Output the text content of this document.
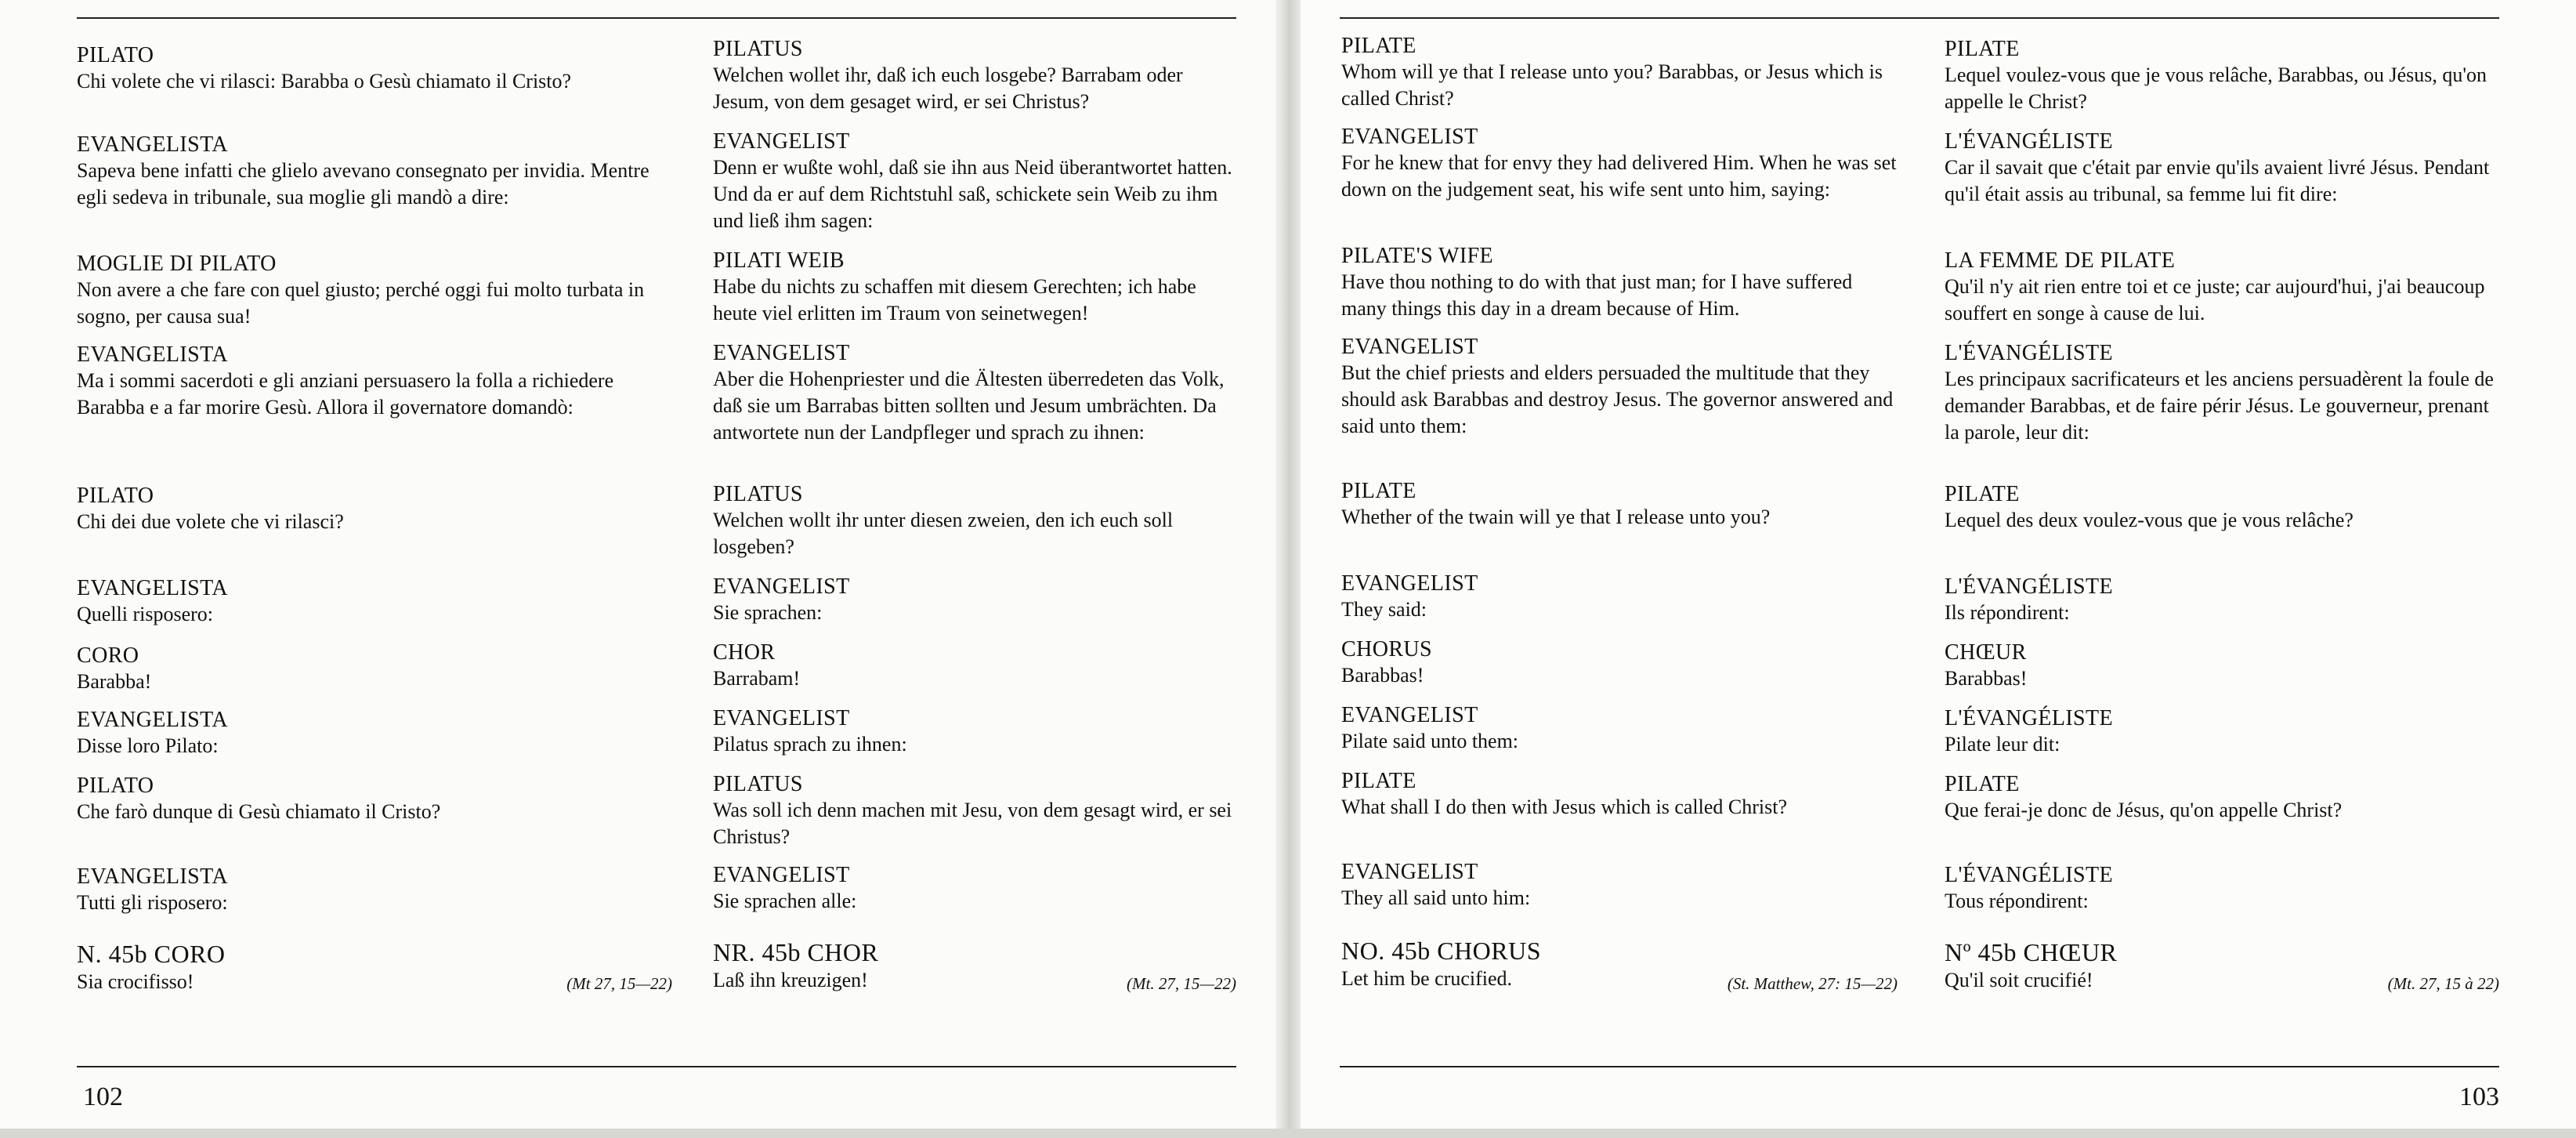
PILATO
Chi volete che vi rilasci: Barabba o Gesù chiamato il Cristo?
EVANGELISTA
Sapeva bene infatti che glielo avevano consegnato per invidia. Mentre egli sedeva in tribunale, sua moglie gli mandò a dire:
MOGLIE DI PILATO
Non avere a che fare con quel giusto; perché oggi fui molto turbata in sogno, per causa sua!
EVANGELISTA
Ma i sommi sacerdoti e gli anziani persuasero la folla a richiedere Barabba e a far morire Gesù. Allora il governatore domandò:
PILATO
Chi dei due volete che vi rilasci?
EVANGELISTA
Quelli risposero:
CORO
Barabba!
EVANGELISTA
Disse loro Pilato:
PILATO
Che farò dunque di Gesù chiamato il Cristo?
EVANGELISTA
Tutti gli risposero:
N. 45b CORO
Sia crocifisso!	(Mt 27, 15—22)
PILATUS
Welchen wollet ihr, daß ich euch losgebe? Barrabam oder Jesum, von dem gesaget wird, er sei Christus?
EVANGELIST
Denn er wußte wohl, daß sie ihn aus Neid überantwortet hatten. Und da er auf dem Richtstuhl saß, schickete sein Weib zu ihm und ließ ihm sagen:
PILATI WEIB
Habe du nichts zu schaffen mit diesem Gerechten; ich habe heute viel erlitten im Traum von seinetwegen!
EVANGELIST
Aber die Hohenpriester und die Ältesten überredeten das Volk, daß sie um Barrabas bitten sollten und Jesum umbrächten. Da antwortete nun der Landpfleger und sprach zu ihnen:
PILATUS
Welchen wollt ihr unter diesen zweien, den ich euch soll losgeben?
EVANGELIST
Sie sprachen:
CHOR
Barrabam!
EVANGELIST
Pilatus sprach zu ihnen:
PILATUS
Was soll ich denn machen mit Jesu, von dem gesagt wird, er sei Christus?
EVANGELIST
Sie sprachen alle:
NR. 45b CHOR
Laß ihn kreuzigen!	(Mt. 27, 15—22)
102
PILATE
Whom will ye that I release unto you? Barabbas, or Jesus which is called Christ?
EVANGELIST
For he knew that for envy they had delivered Him. When he was set down on the judgement seat, his wife sent unto him, saying:
PILATE'S WIFE
Have thou nothing to do with that just man; for I have suffered many things this day in a dream because of Him.
EVANGELIST
But the chief priests and elders persuaded the multitude that they should ask Barabbas and destroy Jesus. The governor answered and said unto them:
PILATE
Whether of the twain will ye that I release unto you?
EVANGELIST
They said:
CHORUS
Barabbas!
EVANGELIST
Pilate said unto them:
PILATE
What shall I do then with Jesus which is called Christ?
EVANGELIST
They all said unto him:
NO. 45b CHORUS
Let him be crucified.	(St. Matthew, 27: 15—22)
PILATE
Lequel voulez-vous que je vous relâche, Barabbas, ou Jésus, qu'on appelle le Christ?
L'ÉVANGÉLISTE
Car il savait que c'était par envie qu'ils avaient livré Jésus. Pendant qu'il était assis au tribunal, sa femme lui fit dire:
LA FEMME DE PILATE
Qu'il n'y ait rien entre toi et ce juste; car aujourd'hui, j'ai beaucoup souffert en songe à cause de lui.
L'ÉVANGÉLISTE
Les principaux sacrificateurs et les anciens persuadèrent la foule de demander Barabbas, et de faire périr Jésus. Le gouverneur, prenant la parole, leur dit:
PILATE
Lequel des deux voulez-vous que je vous relâche?
L'ÉVANGÉLISTE
Ils répondirent:
CHŒUR
Barabbas!
L'ÉVANGÉLISTE
Pilate leur dit:
PILATE
Que ferai-je donc de Jésus, qu'on appelle Christ?
L'ÉVANGÉLISTE
Tous répondirent:
Nº 45b CHŒUR
Qu'il soit crucifié!	(Mt. 27, 15 à 22)
103
